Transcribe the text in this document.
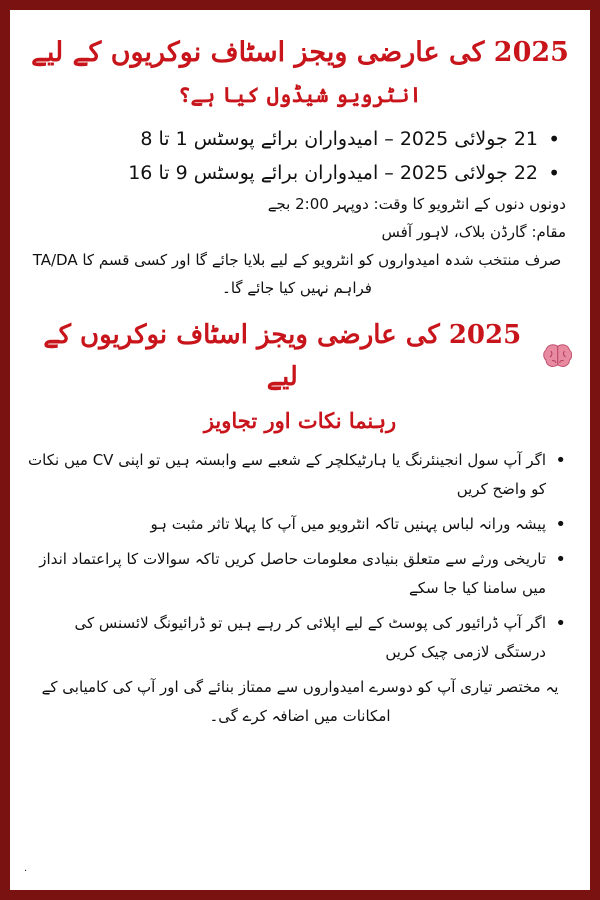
2025 کی عارضی ویجز اسٹاف نوکریوں کے لیے
انٹرویو شیڈول کیا ہے؟
• 21 جولائی 2025 – امیدواران برائے پوسٹس 1 تا 8
• 22 جولائی 2025 – امیدواران برائے پوسٹس 9 تا 16
دونوں دنوں کے انٹرویو کا وقت: دوپہر 2:00 بجے
مقام: گارڈن بلاک، لاہور آفس
صرف منتخب شدہ امیدواروں کو انٹرویو کے لیے بلایا جائے گا اور کسی قسم کا TA/DA فراہم نہیں کیا جائے گا۔
2025 کی عارضی ویجز اسٹاف نوکریوں کے لیے
رہنما نکات اور تجاویز
• اگر آپ سول انجینئرنگ یا ہارٹیکلچر کے شعبے سے وابستہ ہیں تو اپنی CV میں نکات کو واضح کریں
• پیشہ ورانہ لباس پہنیں تاکہ انٹرویو میں آپ کا پہلا تاثر مثبت ہو
• تاریخی ورثے سے متعلق بنیادی معلومات حاصل کریں تاکہ سوالات کا پراعتماد انداز میں سامنا کیا جا سکے
• اگر آپ ڈرائیور کی پوسٹ کے لیے اپلائی کر رہے ہیں تو ڈرائیونگ لائسنس کی درستگی لازمی چیک کریں
یہ مختصر تیاری آپ کو دوسرے امیدواروں سے ممتاز بنائے گی اور آپ کی کامیابی کے امکانات میں اضافہ کرے گی۔
.
